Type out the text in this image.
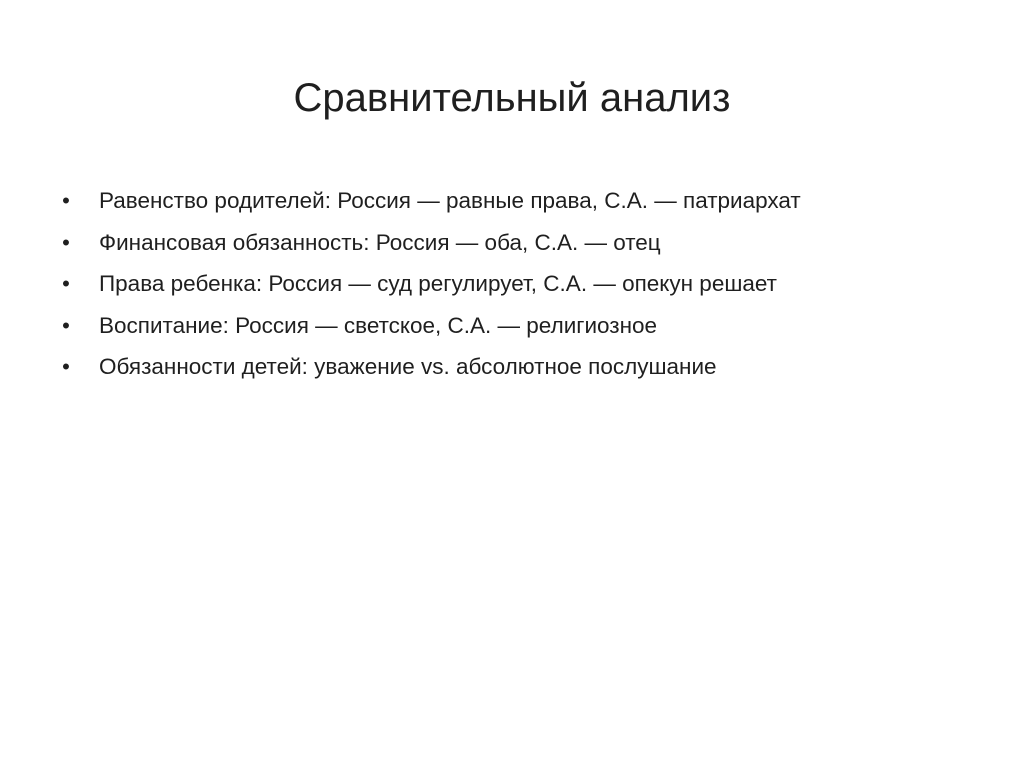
Сравнительный анализ
• Равенство родителей: Россия — равные права, С.А. — патриархат
• Финансовая обязанность: Россия — оба, С.А. — отец
• Права ребенка: Россия — суд регулирует, С.А. — опекун решает
• Воспитание: Россия — светское, С.А. — религиозное
• Обязанности детей: уважение vs. абсолютное послушание
